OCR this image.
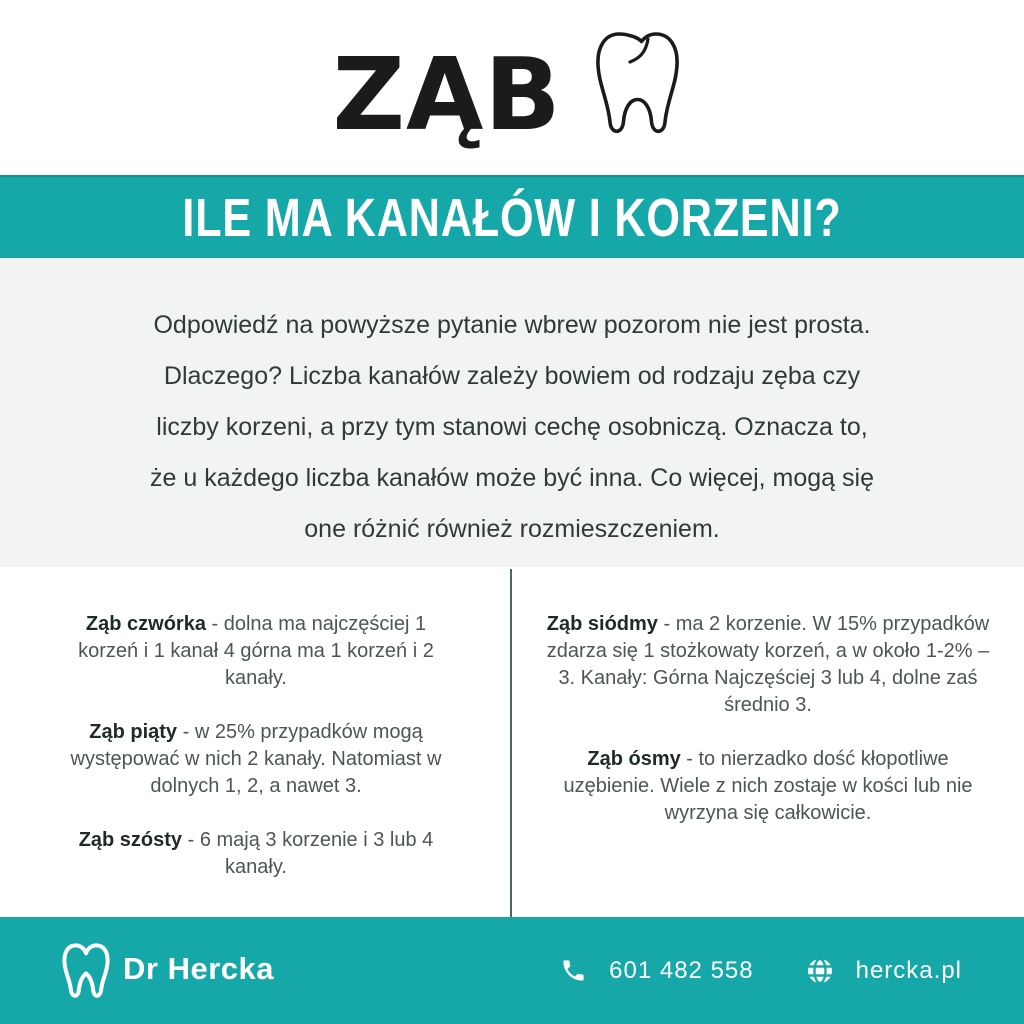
ZĄB
ILE MA KANAŁÓW I KORZENI?

Odpowiedź na powyższe pytanie wbrew pozorom nie jest prosta. Dlaczego? Liczba kanałów zależy bowiem od rodzaju zęba czy liczby korzeni, a przy tym stanowi cechę osobniczą. Oznacza to, że u każdego liczba kanałów może być inna. Co więcej, mogą się one różnić również rozmieszczeniem.

Ząb czwórka - dolna ma najczęściej 1 korzeń i 1 kanał 4 górna ma 1 korzeń i 2 kanały.

Ząb piąty - w 25% przypadków mogą występować w nich 2 kanały. Natomiast w dolnych 1, 2, a nawet 3.

Ząb szósty - 6 mają 3 korzenie i 3 lub 4 kanały.

Ząb siódmy - ma 2 korzenie. W 15% przypadków zdarza się 1 stożkowaty korzeń, a w około 1-2% – 3. Kanały: Górna Najczęściej 3 lub 4, dolne zaś średnio 3.

Ząb ósmy - to nierzadko dość kłopotliwe uzębienie. Wiele z nich zostaje w kości lub nie wyrzyna się całkowicie.

Dr Hercka	601 482 558	hercka.pl
